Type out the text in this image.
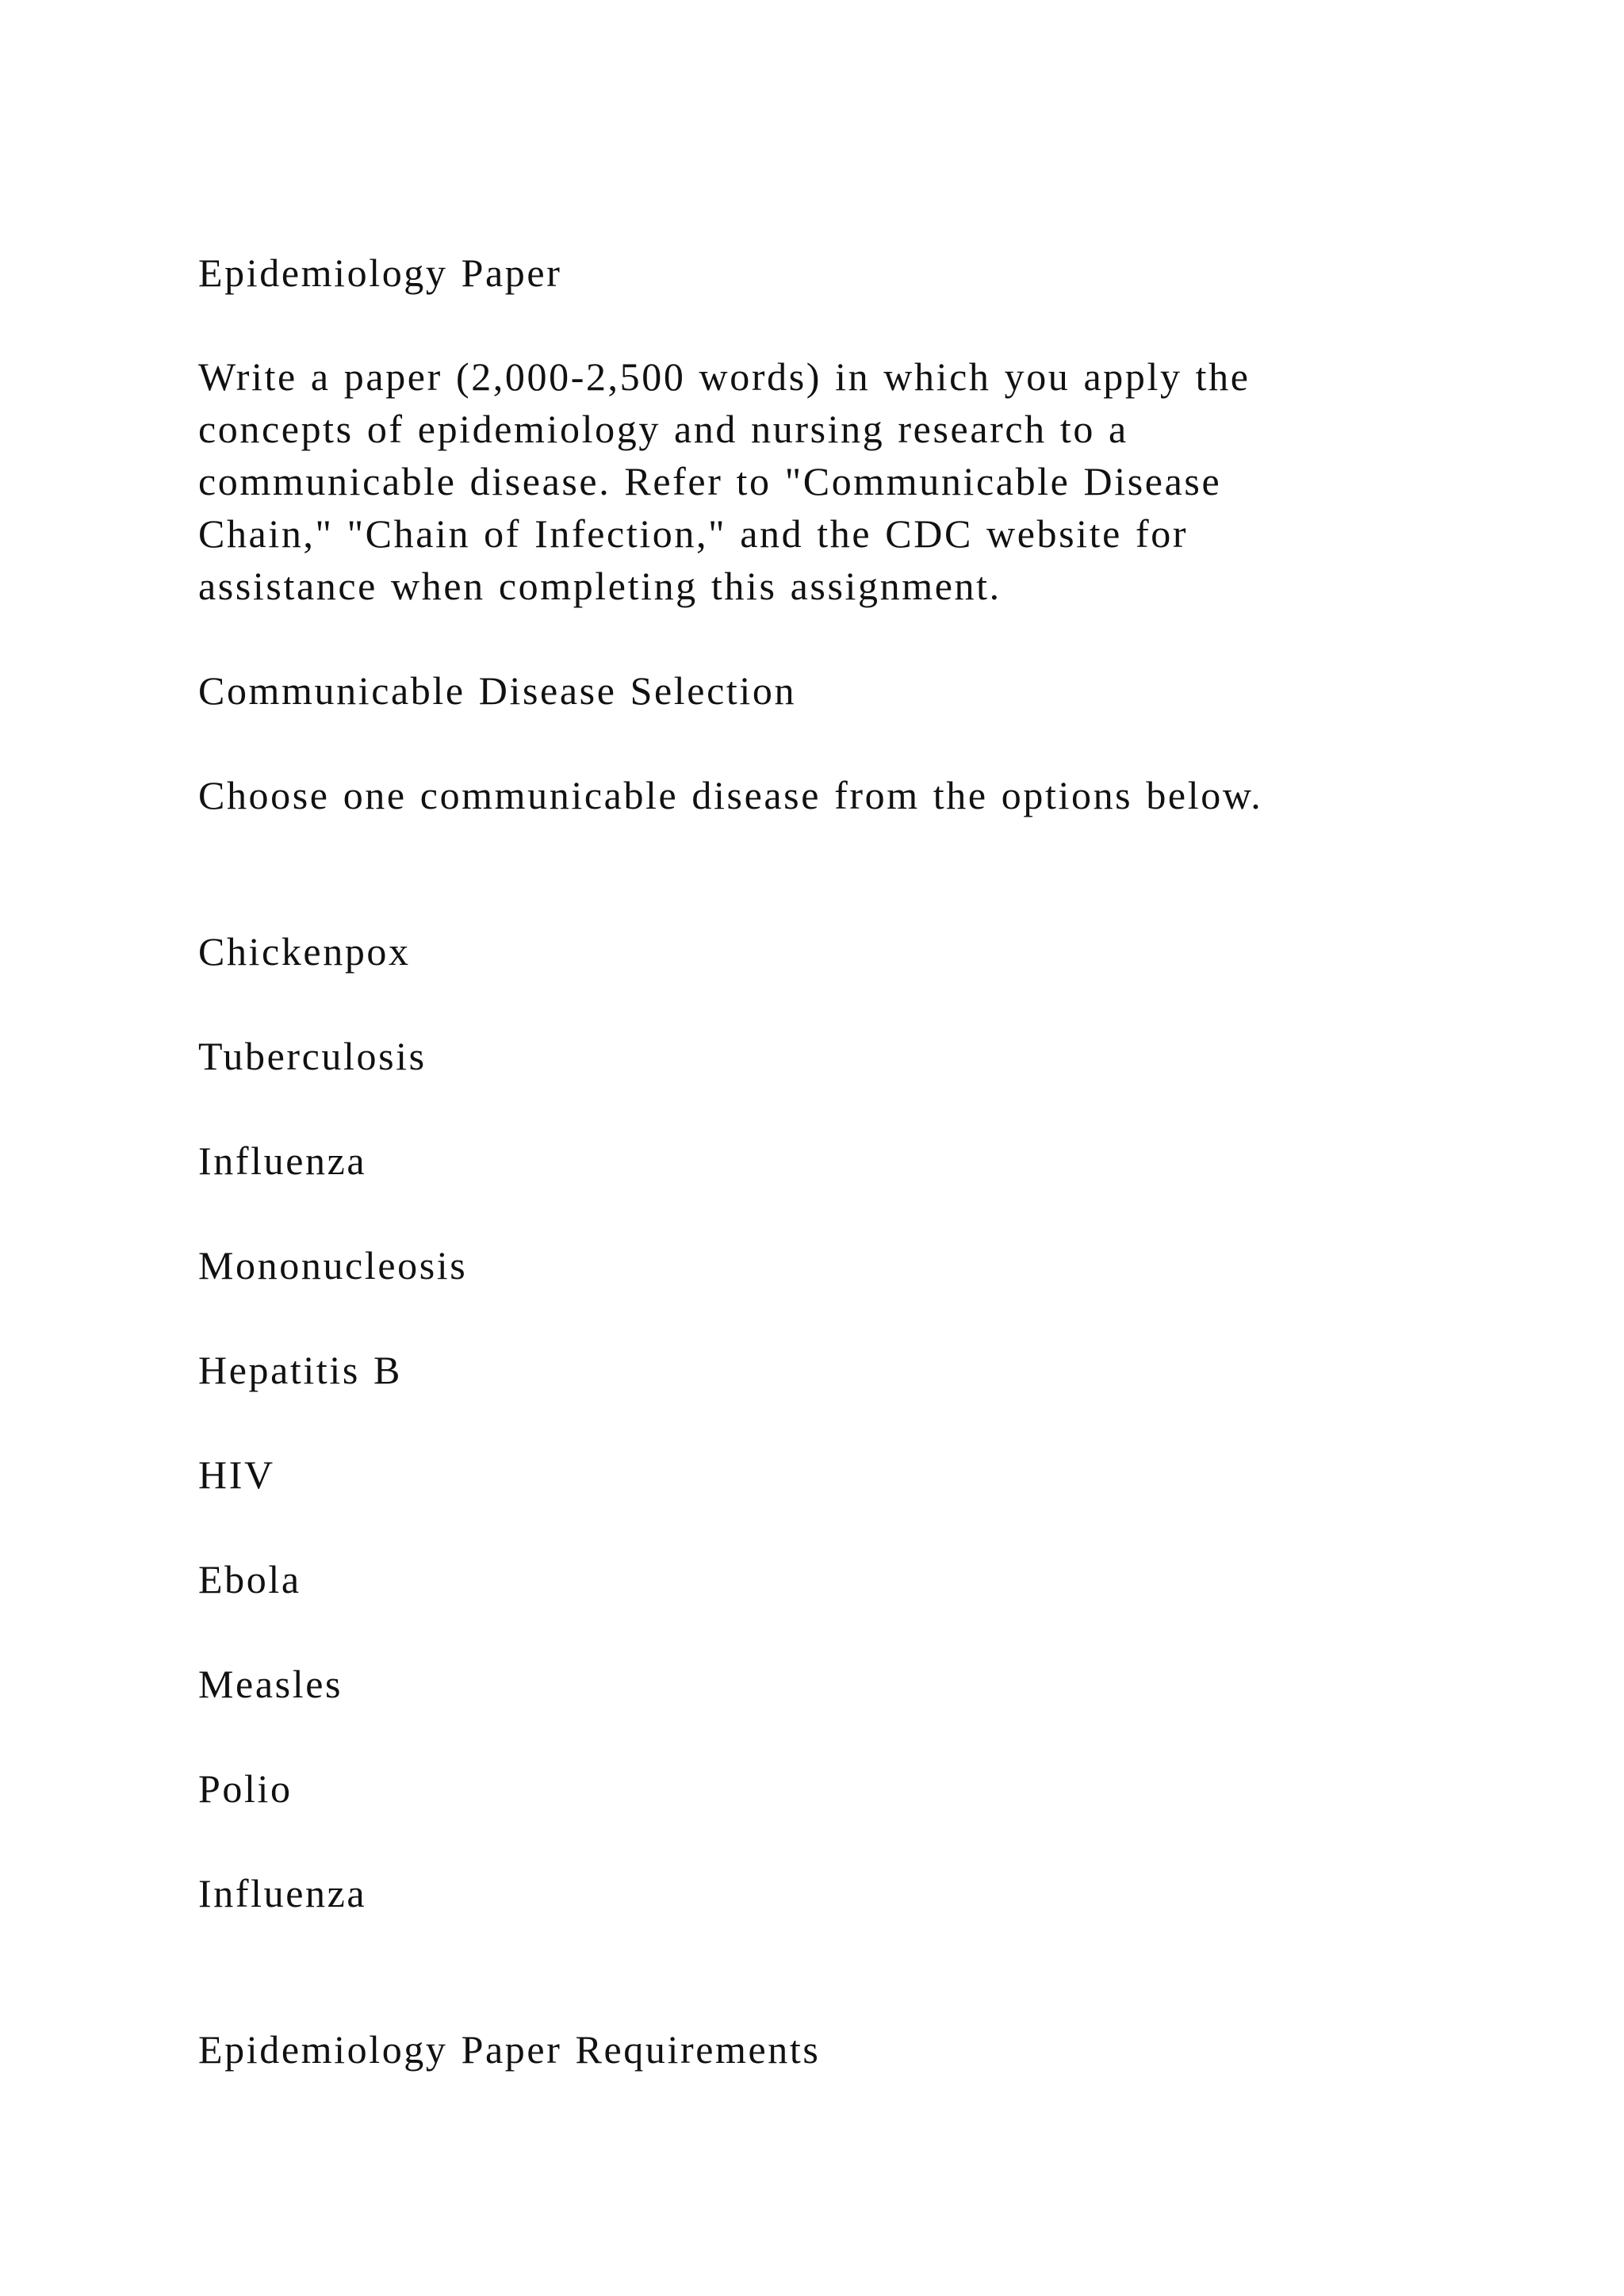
Epidemiology Paper
Write a paper (2,000-2,500 words) in which you apply the
concepts of epidemiology and nursing research to a
communicable disease. Refer to "Communicable Disease
Chain," "Chain of Infection," and the CDC website for
assistance when completing this assignment.
Communicable Disease Selection
Choose one communicable disease from the options below.
Chickenpox
Tuberculosis
Influenza
Mononucleosis
Hepatitis B
HIV
Ebola
Measles
Polio
Influenza
Epidemiology Paper Requirements
